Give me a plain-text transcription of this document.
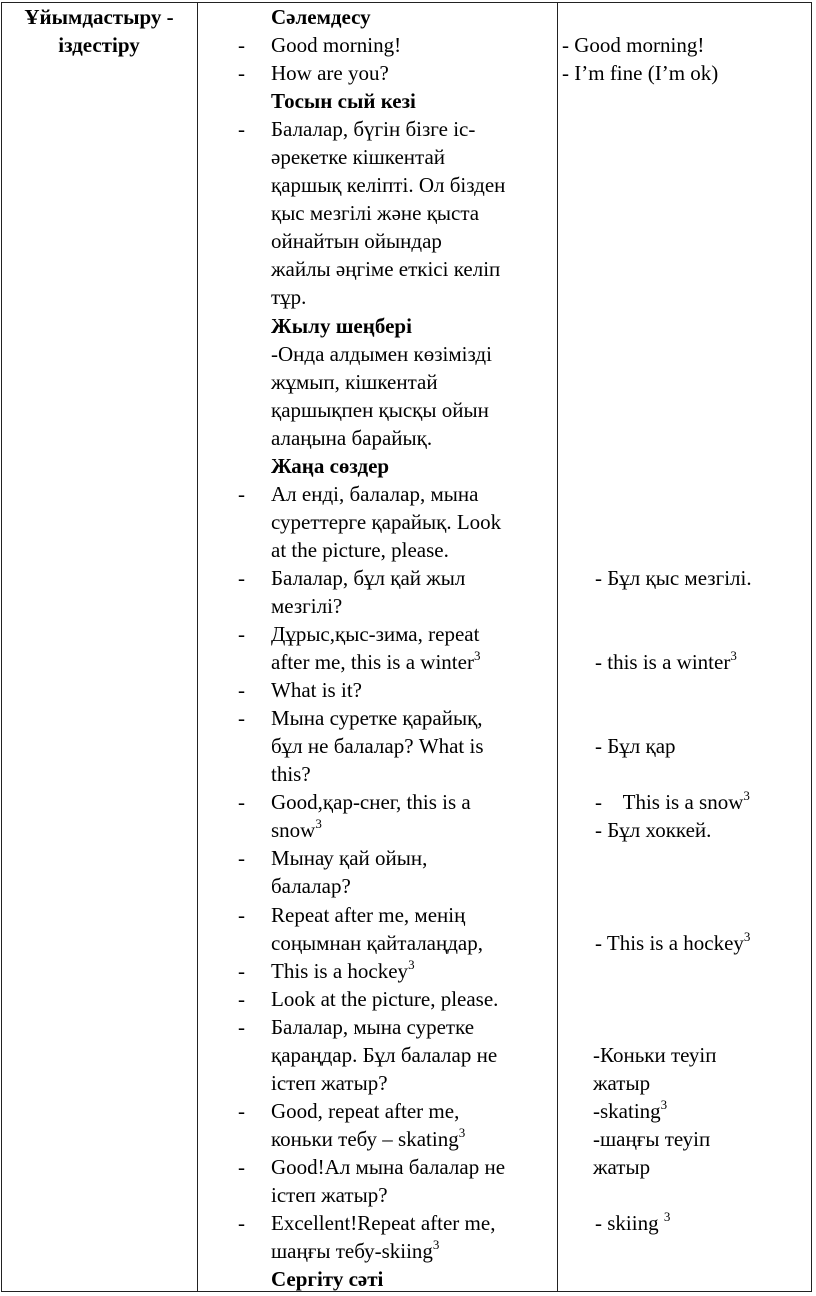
Ұйымдастыру -
іздестіру
Сәлемдесу
- Good morning!
- How are you?
Тосын сый кезі
- Балалар, бүгін бізге іс-
әрекетке кішкентай
қаршық келіпті. Ол бізден
қыс мезгілі және қыста
ойнайтын ойындар
жайлы әңгіме еткісі келіп
тұр.
Жылу шеңбері
-Онда алдымен көзімізді
жұмып, кішкентай
қаршықпен қысқы ойын
алаңына барайық.
Жаңа сөздер
- Ал енді, балалар, мына
суреттерге қарайық. Look
at the picture, please.
- Балалар, бұл қай жыл
мезгілі?
- Дұрыс,қыс-зима, repeat
after me, this is a winter$^3$
- What is it?
- Мына суретке қарайық,
бұл не балалар? What is
this?
- Good,қар-снег, this is a
snow$^3$
- Мынау қай ойын,
балалар?
- Repeat after me, менің
соңымнан қайталаңдар,
- This is a hockey$^3$
- Look at the picture, please.
- Балалар, мына суретке
қараңдар. Бұл балалар не
істеп жатыр?
- Good, repeat after me,
коньки тебу – skating$^3$
- Good!Ал мына балалар не
істеп жатыр?
- Excellent!Repeat after me,
шаңғы тебу-skiing$^3$
Сергіту сәті
- Good morning!
- I’m fine (I’m ok)
- Бұл қыс мезгілі.
- this is a winter$^3$
- Бұл қар
-    This is a snow$^3$
- Бұл хоккей.
- This is a hockey$^3$
-Коньки теуіп
жатыр
-skating$^3$
-шаңғы теуіп
жатыр
- skiing $^3$
